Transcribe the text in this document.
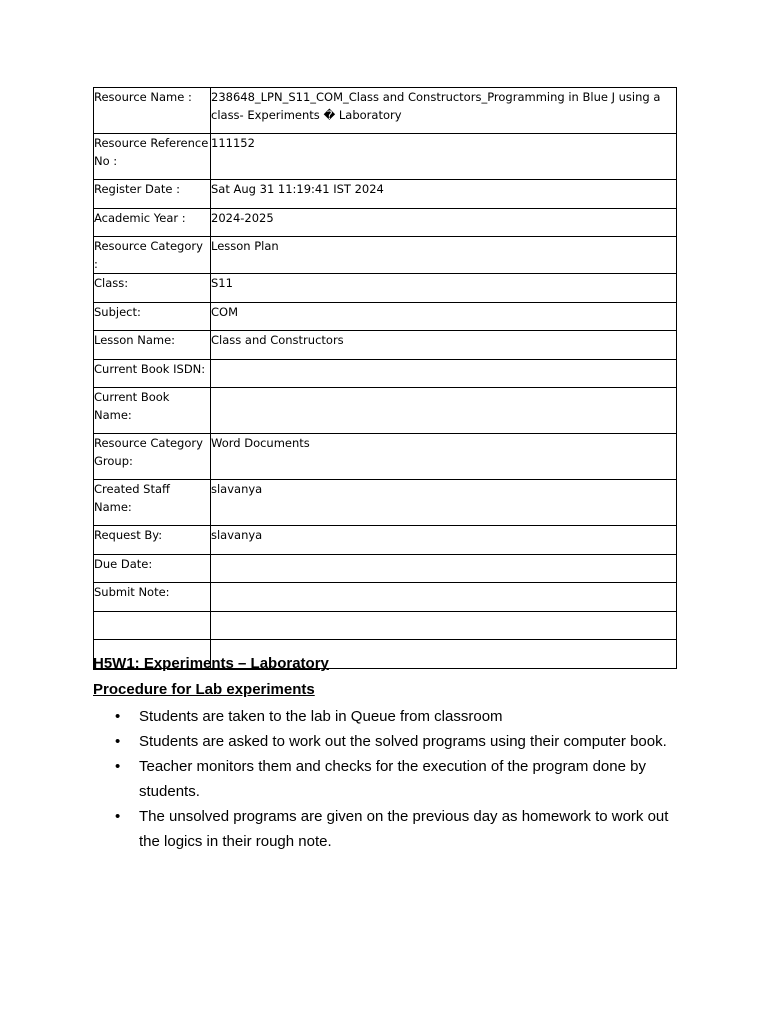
Resource Name :	238648_LPN_S11_COM_Class and Constructors_Programming in Blue J using a class- Experiments � Laboratory
Resource Reference No :	111152
Register Date :	Sat Aug 31 11:19:41 IST 2024
Academic Year :	2024-2025
Resource Category :	Lesson Plan
Class:	S11
Subject:	COM
Lesson Name:	Class and Constructors
Current Book ISDN:	
Current Book Name:	
Resource Category Group:	Word Documents
Created Staff Name:	slavanya
Request By:	slavanya
Due Date:	
Submit Note:	

H5W1: Experiments – Laboratory
Procedure for Lab experiments
• Students are taken to the lab in Queue from classroom
• Students are asked to work out the solved programs using their computer book.
• Teacher monitors them and checks for the execution of the program done by students.
• The unsolved programs are given on the previous day as homework to work out the logics in their rough note.
